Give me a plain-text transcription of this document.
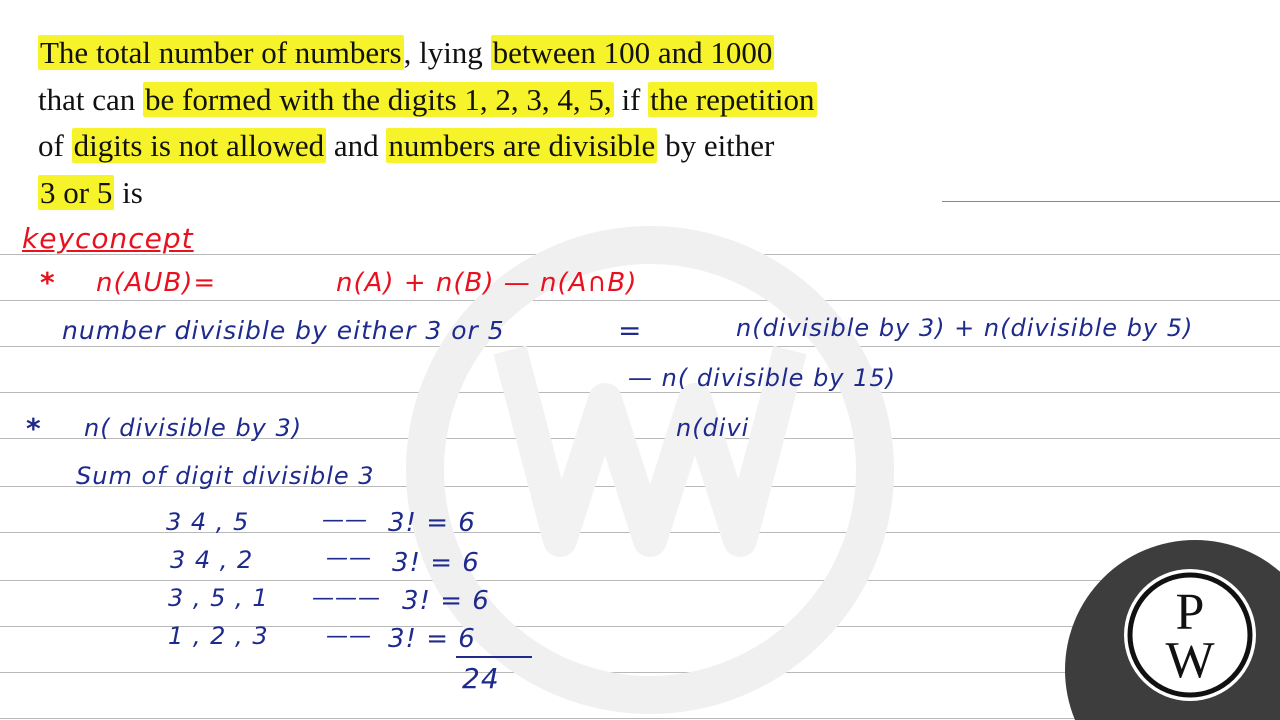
The total number of numbers, lying between 100 and 1000
that can be formed with the digits 1, 2, 3, 4, 5, if the repetition
of digits is not allowed and numbers are divisible by either
3 or 5 is
keyconcept
* n(AUB)=	n(A) + n(B) — n(A∩B)
number divisible by either 3 or 5	=	n(divisible by 3) + n(divisible by 5)
— n( divisible by 15)
* n( divisible by 3)	n(divi
Sum of digit divisible 3
3 4 , 5	—— 3! = 6
3 4 , 2	—— 3! = 6
3 , 5 , 1 ——— 3! = 6
1 , 2 , 3	—— 3! = 6
24
P
W
